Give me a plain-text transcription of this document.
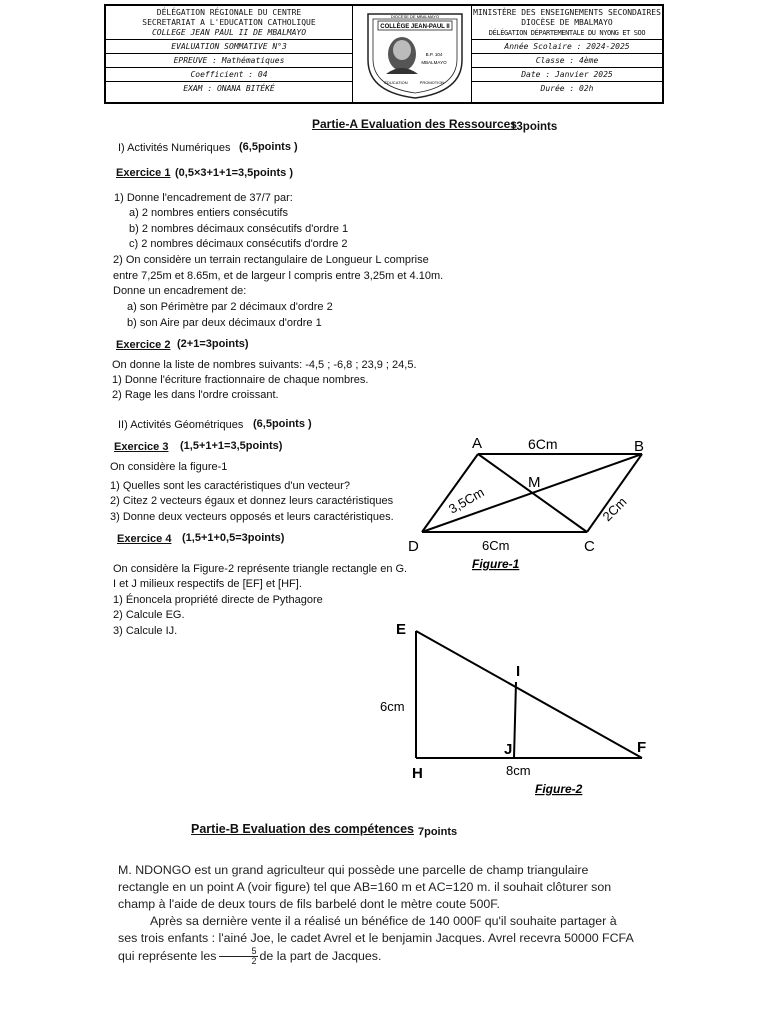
DÉLÉGATION RÉGIONALE DU CENTRE
SECRETARIAT A L'EDUCATION CATHOLIQUE
COLLEGE JEAN PAUL II DE MBALMAYO
EVALUATION SOMMATIVE N°3
EPREUVE : Mathématiques
Coefficient : 04
EXAM : ONANA BITÉKÉ
DIOCÈSE DE MBALMAYO
COLLÈGE JEAN-PAUL II
B.P. 104
MBALMAYO
ÉDUCATION	PROMOTION
MINISTÈRE DES ENSEIGNEMENTS SECONDAIRES
DIOCÈSE DE MBALMAYO
DÉLÉGATION DÉPARTEMENTALE DU NYONG ET SOO
Année Scolaire : 2024-2025
Classe : 4ème
Date : Janvier 2025
Durée : 02h
Partie-A Evaluation des Ressources
13points
I) Activités Numériques (6,5points )
Exercice 1 (0,5×3+1+1=3,5points )
1) Donne l'encadrement de 37/7 par:
a) 2 nombres entiers consécutifs
b) 2 nombres décimaux consécutifs d'ordre 1
c) 2 nombres décimaux consécutifs d'ordre 2
2) On considère un terrain rectangulaire de Longueur L comprise
entre 7,25m et 8.65m, et de largeur l compris entre 3,25m et 4.10m.
Donne un encadrement de:
a) son Périmètre par 2 décimaux d'ordre 2
b) son Aire par deux décimaux d'ordre 1
Exercice 2 (2+1=3points)
On donne la liste de nombres suivants: -4,5 ; -6,8 ; 23,9 ; 24,5.
1) Donne l'écriture fractionnaire de chaque nombres.
2) Rage les dans l'ordre croissant.
II) Activités Géométriques (6,5points )
Exercice 3 (1,5+1+1=3,5points)
On considère la figure-1
1) Quelles sont les caractéristiques d'un vecteur?
2) Citez 2 vecteurs égaux et donnez leurs caractéristiques
3) Donne deux vecteurs opposés et leurs caractéristiques.
Exercice 4 (1,5+1+0,5=3points)
On considère la Figure-2 représente triangle rectangle en G.
I et J milieux respectifs de [EF] et [HF].
1) Énoncela propriété directe de Pythagore
2) Calcule EG.
3) Calcule IJ.
A	B
C
D
M
6Cm
6Cm
3,5Cm	2Cm
Figure-1
E
H
F
I
J
6cm
8cm
Figure-2
Partie-B Evaluation des compétences 7points

M. NDONGO est un grand agriculteur qui possède une parcelle de champ triangulaire rectangle en un point A (voir figure) tel que AB=160 m et AC=120 m. il souhait clôturer son champ à l'aide de deux tours de fils barbelé dont le mètre coute 500F.

Après sa dernière vente il a réalisé un bénéfice de 140 000F qu'il souhaite partager à ses trois enfants : l'ainé Joe, le cadet Avrel et le benjamin Jacques. Avrel recevra 50000 FCFA qui représente les $\frac{5}{2}$ de la part de Jacques.
